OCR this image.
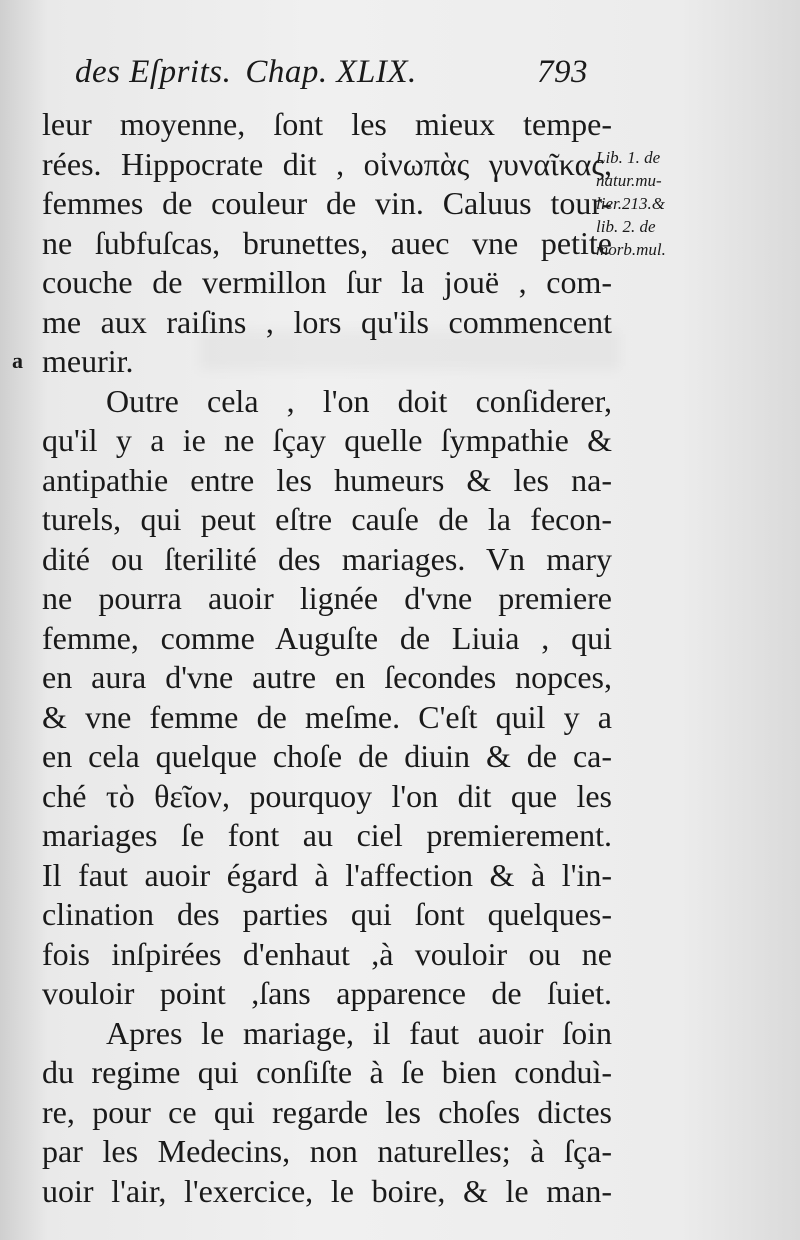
des Eſprits. Chap. XLIX.	793
Lib. 1. de
natur.mu-
lier.213.&
lib. 2. de
morb.mul.
a
leur moyenne, ſont les mieux tempe-
rées. Hippocrate dit , οἰνωπὰς γυναῖκας,
femmes de couleur de vin. Caluus tour-
ne ſubfuſcas, brunettes, auec vne petite
couche de vermillon ſur la jouë , com-
me aux raiſins , lors qu'ils commencent
meurir.
Outre cela , l'on doit conſiderer,
qu'il y a ie ne ſçay quelle ſympathie &
antipathie entre les humeurs & les na-
turels, qui peut eſtre cauſe de la fecon-
dité ou ſterilité des mariages. Vn mary
ne pourra auoir lignée d'vne premiere
femme, comme Auguſte de Liuia , qui
en aura d'vne autre en ſecondes nopces,
& vne femme de meſme. C'eſt quil y a
en cela quelque choſe de diuin & de ca-
ché τὸ θεῖον, pourquoy l'on dit que les
mariages ſe font au ciel premierement.
Il faut auoir égard à l'affection & à l'in-
clination des parties qui ſont quelques-
fois inſpirées d'enhaut ,à vouloir ou ne
vouloir point ,ſans apparence de ſuiet.
Apres le mariage, il faut auoir ſoin
du regime qui conſiſte à ſe bien conduì-
re, pour ce qui regarde les choſes dictes
par les Medecins, non naturelles; à ſça-
uoir l'air, l'exercice, le boire, & le man-
